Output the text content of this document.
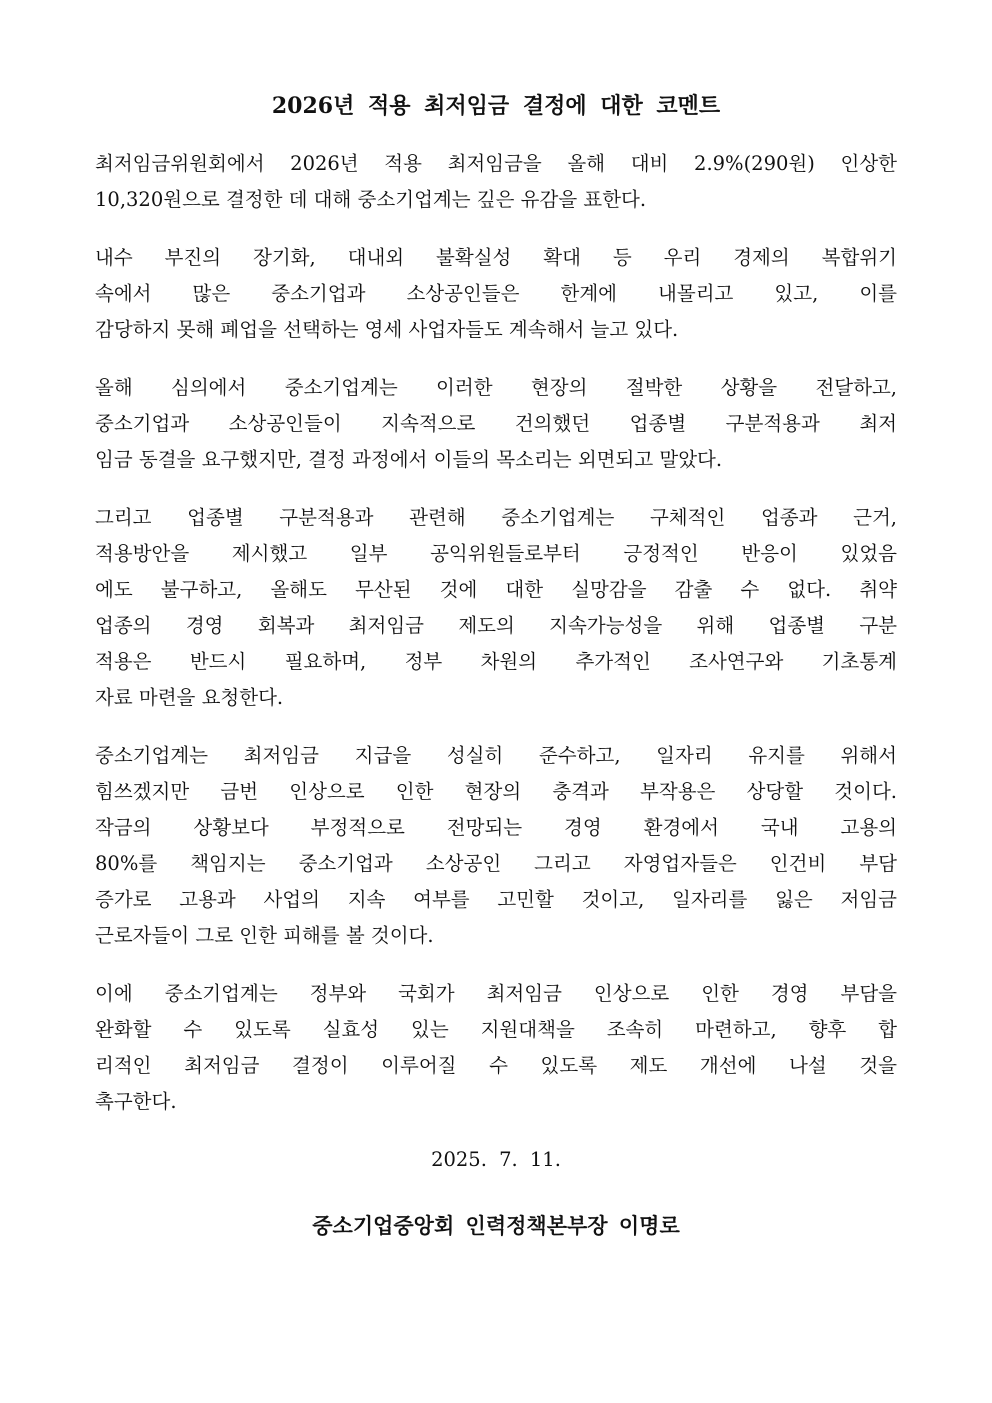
2026년 적용 최저임금 결정에 대한 코멘트

최저임금위원회에서 2026년 적용 최저임금을 올해 대비 2.9%(290원) 인상한
10,320원으로 결정한 데 대해 중소기업계는 깊은 유감을 표한다.

내수 부진의 장기화, 대내외 불확실성 확대 등 우리 경제의 복합위기
속에서 많은 중소기업과 소상공인들은 한계에 내몰리고 있고, 이를
감당하지 못해 폐업을 선택하는 영세 사업자들도 계속해서 늘고 있다.

올해 심의에서 중소기업계는 이러한 현장의 절박한 상황을 전달하고,
중소기업과 소상공인들이 지속적으로 건의했던 업종별 구분적용과 최저
임금 동결을 요구했지만, 결정 과정에서 이들의 목소리는 외면되고 말았다.

그리고 업종별 구분적용과 관련해 중소기업계는 구체적인 업종과 근거,
적용방안을 제시했고 일부 공익위원들로부터 긍정적인 반응이 있었음
에도 불구하고, 올해도 무산된 것에 대한 실망감을 감출 수 없다. 취약
업종의 경영 회복과 최저임금 제도의 지속가능성을 위해 업종별 구분
적용은 반드시 필요하며, 정부 차원의 추가적인 조사연구와 기초통계
자료 마련을 요청한다.

중소기업계는 최저임금 지급을 성실히 준수하고, 일자리 유지를 위해서
힘쓰겠지만 금번 인상으로 인한 현장의 충격과 부작용은 상당할 것이다.
작금의 상황보다 부정적으로 전망되는 경영 환경에서 국내 고용의
80%를 책임지는 중소기업과 소상공인 그리고 자영업자들은 인건비 부담
증가로 고용과 사업의 지속 여부를 고민할 것이고, 일자리를 잃은 저임금
근로자들이 그로 인한 피해를 볼 것이다.

이에 중소기업계는 정부와 국회가 최저임금 인상으로 인한 경영 부담을
완화할 수 있도록 실효성 있는 지원대책을 조속히 마련하고, 향후 합
리적인 최저임금 결정이 이루어질 수 있도록 제도 개선에 나설 것을
촉구한다.

2025. 7. 11.

중소기업중앙회 인력정책본부장 이명로
